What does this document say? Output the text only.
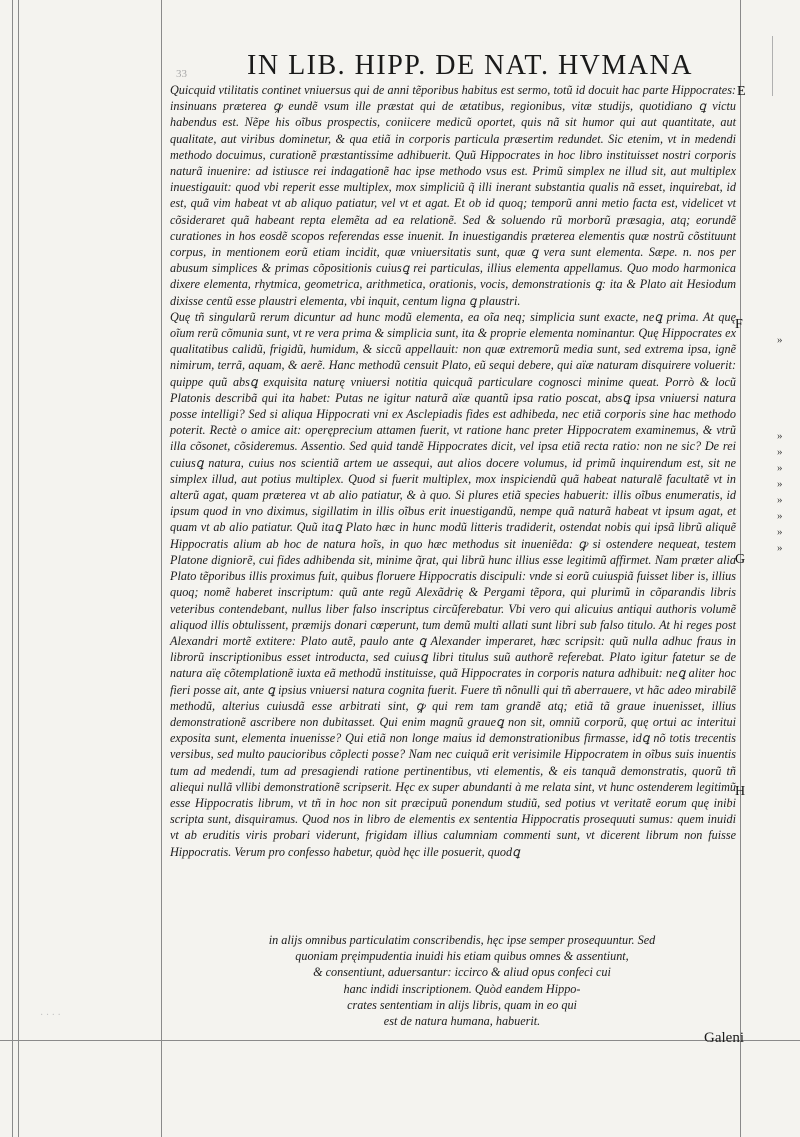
· · · ·
IN LIB. HIPP. DE NAT. HVMANA
33

Quicquid vtilitatis continet vniuersus qui de anni tẽporibus habitus est sermo, totũ id docuit hac parte Hippocrates: insinuans præterea ꝙ eundẽ vsum ille præstat qui de ætatibus, regionibus, vitæ studijs, quotidiano ꝗ victu habendus est. Nẽpe his oĩbus prospectis, coniicere medicũ oportet, quis nã sit humor qui aut quantitate, aut qualitate, aut viribus dominetur, & qua etiã in corporis particula præsertim redundet. Sic etenim, vt in medendi methodo docuimus, curationẽ præstantissime adhibuerit. Quũ Hippocrates in hoc libro instituisset nostri corporis naturã inuenire: ad istiusce rei indagationẽ hac ipse methodo vsus est. Primũ simplex ne illud sit, aut multiplex inuestigauit: quod vbi reperit esse multiplex, mox simpliciũ q̃ illi inerant substantia qualis nã esset, inquirebat, id est, quã vim habeat vt ab aliquo patiatur, vel vt et agat. Et ob id quoq; temporũ anni metio facta est, videlicet vt cõsideraret quã habeant repta elemẽta ad ea relationẽ. Sed & soluendo rũ morborũ præsagia, atq; eorundẽ curationes in hos eosdẽ scopos referendas esse inuenit. In inuestigandis præterea elementis quæ nostrũ cõstituunt corpus, in mentionem eorũ etiam incidit, quæ vniuersitatis sunt, quæ ꝗ vera sunt elementa. Sæpe. n. nos per abusum simplices & primas cõpositionis cuiusꝗ rei particulas, illius elementa appellamus. Quo modo harmonica dixere elementa, rhytmica, geometrica, arithmetica, orationis, vocis, demonstrationis ꝗ: ita & Plato ait Hesiodum dixisse centũ esse plaustri elementa, vbi inquit, centum ligna ꝗ plaustri.

Quę tñ singularũ rerum dicuntur ad hunc modũ elementa, ea oĩa neq; simplicia sunt exacte, neꝗ prima. At quę oĩum rerũ cõmunia sunt, vt re vera prima & simplicia sunt, ita & proprie elementa nominantur. Quę Hippocrates ex qualitatibus calidũ, frigidũ, humidum, & siccũ appellauit: non quæ extremorũ media sunt, sed extrema ipsa, ignẽ nimirum, terrã, aquam, & aerẽ. Hanc methodũ censuit Plato, eũ sequi debere, qui aïæ naturam disquirere voluerit: quippe quũ absꝗ exquisita naturę vniuersi notitia quicquã particulare cognosci minime queat. Porrò & locũ Platonis describã qui ita habet: Putas ne igitur naturã aïæ quantũ ipsa ratio poscat, absꝗ ipsa vniuersi natura posse intelligi? Sed si aliqua Hippocrati vni ex Asclepiadis fides est adhibeda, nec etiã corporis sine hac methodo poterit. Rectè o amice ait: operęprecium attamen fuerit, vt ratione hanc preter Hippocratem examinemus, & vtrũ illa cõsonet, cõsideremus. Assentio. Sed quid tandẽ Hippocrates dicit, vel ipsa etiã recta ratio: non ne sic? De rei cuiusꝗ natura, cuius nos scientiã artem ue assequi, aut alios docere volumus, id primũ inquirendum est, sit ne simplex illud, aut potius multiplex. Quod si fuerit multiplex, mox inspiciendũ quã habeat naturalẽ facultatẽ vt in alterũ agat, quam præterea vt ab alio patiatur, & à quo. Si plures etiã species habuerit: illis oĩbus enumeratis, id ipsum quod in vno diximus, sigillatim in illis oĩbus erit inuestigandũ, nempe quã naturã habeat vt ipsum agat, et quam vt ab alio patiatur. Quũ itaꝗ Plato hæc in hunc modũ litteris tradiderit, ostendat nobis qui ipsã librũ aliquẽ Hippocratis alium ab hoc de natura hoĩs, in quo hæc methodus sit inueniẽda: ꝙ si ostendere nequeat, testem Platone digniorẽ, cui fides adhibenda sit, minime q̃rat, qui librũ hunc illius esse legitimũ affirmet. Nam præter alia Plato tẽporibus illis proximus fuit, quibus floruere Hippocratis discipuli: vnde si eorũ cuiuspiã fuisset liber is, illius quoq; nomẽ haberet inscriptum: quũ ante regũ Alexãdrię & Pergami tẽpora, qui plurimũ in cõparandis libris veteribus contendebant, nullus liber falso inscriptus circũferebatur. Vbi vero qui alicuius antiqui authoris volumẽ aliquod illis obtulissent, præmijs donari cœperunt, tum demũ multi allati sunt libri sub falso titulo. At hi reges post Alexandri mortẽ extitere: Plato autẽ, paulo ante ꝗ Alexander imperaret, hæc scripsit: quũ nulla adhuc fraus in librorũ inscriptionibus esset introducta, sed cuiusꝗ libri titulus suũ authorẽ referebat. Plato igitur fatetur se de natura aïę cõtemplationẽ iuxta eã methodũ instituisse, quã Hippocrates in corporis natura adhibuit: neꝗ aliter hoc fieri posse ait, ante ꝗ ipsius vniuersi natura cognita fuerit. Fuere tñ nõnulli qui tñ aberrauere, vt hãc adeo mirabilẽ methodũ, alterius cuiusdã esse arbitrati sint, ꝙ qui rem tam grandẽ atq; etiã tã graue inuenisset, illius demonstrationẽ ascribere non dubitasset. Qui enim magnũ graueꝗ non sit, omniũ corporũ, quę ortui ac interitui exposita sunt, elementa inuenisse? Qui etiã non longe maius id demonstrationibus firmasse, idꝗ nõ totis trecentis versibus, sed multo paucioribus cõplecti posse? Nam nec cuiquã erit verisimile Hippocratem in oĩbus suis inuentis tum ad medendi, tum ad presagiendi ratione pertinentibus, vti elementis, & eis tanquã demonstratis, quorũ tñ aliequi nullã vllibi demonstrationẽ scripserit. Hęc ex super abundanti à me relata sint, vt hunc ostenderem legitimũ esse Hippocratis librum, vt tñ in hoc non sit præcipuũ ponendum studiũ, sed potius vt veritatẽ eorum quę inibi scripta sunt, disquiramus. Quod nos in libro de elementis ex sententia Hippocratis prosequuti sumus: quem inuidi vt ab eruditis viris probari viderunt, frigidam illius calumniam commenti sunt, vt dicerent librum non fuisse Hippocratis. Verum pro confesso habetur, quòd hęc ille posuerit, quodꝗ

in alijs omnibus particulatim conscribendis, hęc ipse semper prosequuntur. Sed
quoniam pręimpudentia inuidi his etiam quibus omnes & assentiunt,
& consentiunt, aduersantur: iccirco & aliud opus confeci cui
hanc indidi inscriptionem. Quòd eandem Hippo-
crates sententiam in alijs libris, quam in eo qui
est de natura humana, habuerit.
Galeni
E
F
G
H
»
»
»
»
»
»
»
»
»
